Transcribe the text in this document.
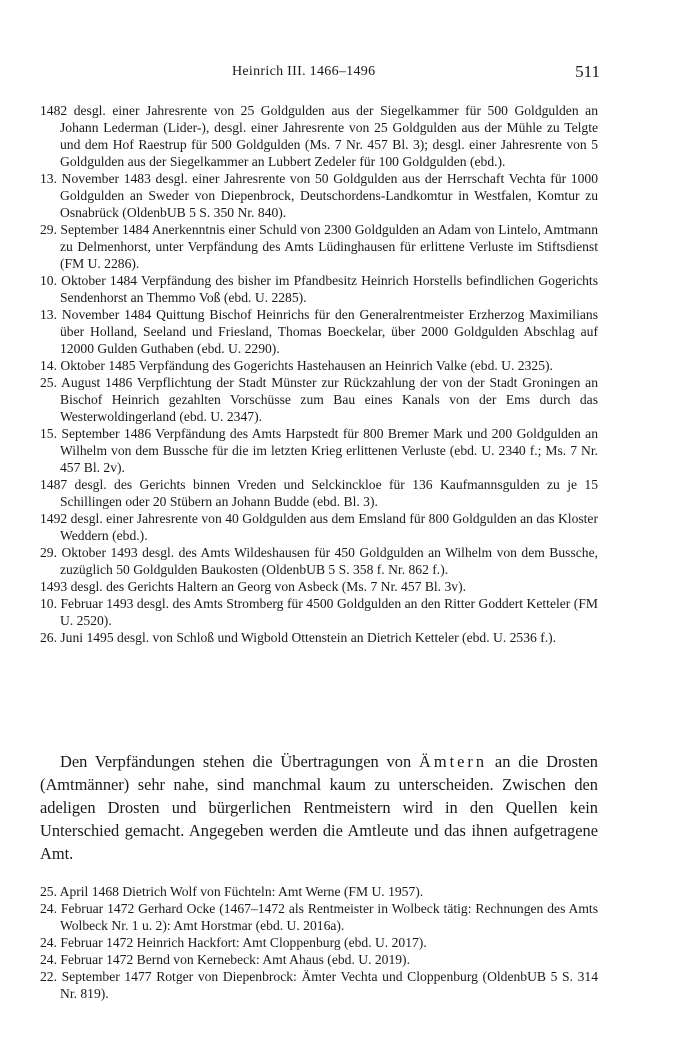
Heinrich III. 1466–1496	511

1482 desgl. einer Jahresrente von 25 Goldgulden aus der Siegelkammer für 500 Goldgulden an Johann Lederman (Lider-), desgl. einer Jahresrente von 25 Goldgulden aus der Mühle zu Telgte und dem Hof Raestrup für 500 Goldgulden (Ms. 7 Nr. 457 Bl. 3); desgl. einer Jahresrente von 5 Goldgulden aus der Siegelkammer an Lubbert Zedeler für 100 Goldgulden (ebd.).

13. November 1483 desgl. einer Jahresrente von 50 Goldgulden aus der Herrschaft Vechta für 1000 Goldgulden an Sweder von Diepenbrock, Deutschordens-Landkomtur in Westfalen, Komtur zu Osnabrück (OldenbUB 5 S. 350 Nr. 840).

29. September 1484 Anerkenntnis einer Schuld von 2300 Goldgulden an Adam von Lintelo, Amtmann zu Delmenhorst, unter Verpfändung des Amts Lüdinghausen für erlittene Verluste im Stiftsdienst (FM U. 2286).

10. Oktober 1484 Verpfändung des bisher im Pfandbesitz Heinrich Horstells befindlichen Gogerichts Sendenhorst an Themmo Voß (ebd. U. 2285).

13. November 1484 Quittung Bischof Heinrichs für den Generalrentmeister Erzherzog Maximilians über Holland, Seeland und Friesland, Thomas Boeckelar, über 2000 Goldgulden Abschlag auf 12000 Gulden Guthaben (ebd. U. 2290).

14. Oktober 1485 Verpfändung des Gogerichts Hastehausen an Heinrich Valke (ebd. U. 2325).

25. August 1486 Verpflichtung der Stadt Münster zur Rückzahlung der von der Stadt Groningen an Bischof Heinrich gezahlten Vorschüsse zum Bau eines Kanals von der Ems durch das Westerwoldingerland (ebd. U. 2347).

15. September 1486 Verpfändung des Amts Harpstedt für 800 Bremer Mark und 200 Goldgulden an Wilhelm von dem Bussche für die im letzten Krieg erlittenen Verluste (ebd. U. 2340 f.; Ms. 7 Nr. 457 Bl. 2v).

1487 desgl. des Gerichts binnen Vreden und Selckinckloe für 136 Kaufmannsgulden zu je 15 Schillingen oder 20 Stübern an Johann Budde (ebd. Bl. 3).

1492 desgl. einer Jahresrente von 40 Goldgulden aus dem Emsland für 800 Goldgulden an das Kloster Weddern (ebd.).

29. Oktober 1493 desgl. des Amts Wildeshausen für 450 Goldgulden an Wilhelm von dem Bussche, zuzüglich 50 Goldgulden Baukosten (OldenbUB 5 S. 358 f. Nr. 862 f.).

1493 desgl. des Gerichts Haltern an Georg von Asbeck (Ms. 7 Nr. 457 Bl. 3v).

10. Februar 1493 desgl. des Amts Stromberg für 4500 Goldgulden an den Ritter Goddert Ketteler (FM U. 2520).

26. Juni 1495 desgl. von Schloß und Wigbold Ottenstein an Dietrich Ketteler (ebd. U. 2536 f.).

Den Verpfändungen stehen die Übertragungen von Ämtern an die Drosten (Amtmänner) sehr nahe, sind manchmal kaum zu unterscheiden. Zwischen den adeligen Drosten und bürgerlichen Rentmeistern wird in den Quellen kein Unterschied gemacht. Angegeben werden die Amtleute und das ihnen aufgetragene Amt.

25. April 1468 Dietrich Wolf von Füchteln: Amt Werne (FM U. 1957).

24. Februar 1472 Gerhard Ocke (1467–1472 als Rentmeister in Wolbeck tätig: Rechnungen des Amts Wolbeck Nr. 1 u. 2): Amt Horstmar (ebd. U. 2016a).

24. Februar 1472 Heinrich Hackfort: Amt Cloppenburg (ebd. U. 2017).

24. Februar 1472 Bernd von Kernebeck: Amt Ahaus (ebd. U. 2019).

22. September 1477 Rotger von Diepenbrock: Ämter Vechta und Cloppenburg (OldenbUB 5 S. 314 Nr. 819).
